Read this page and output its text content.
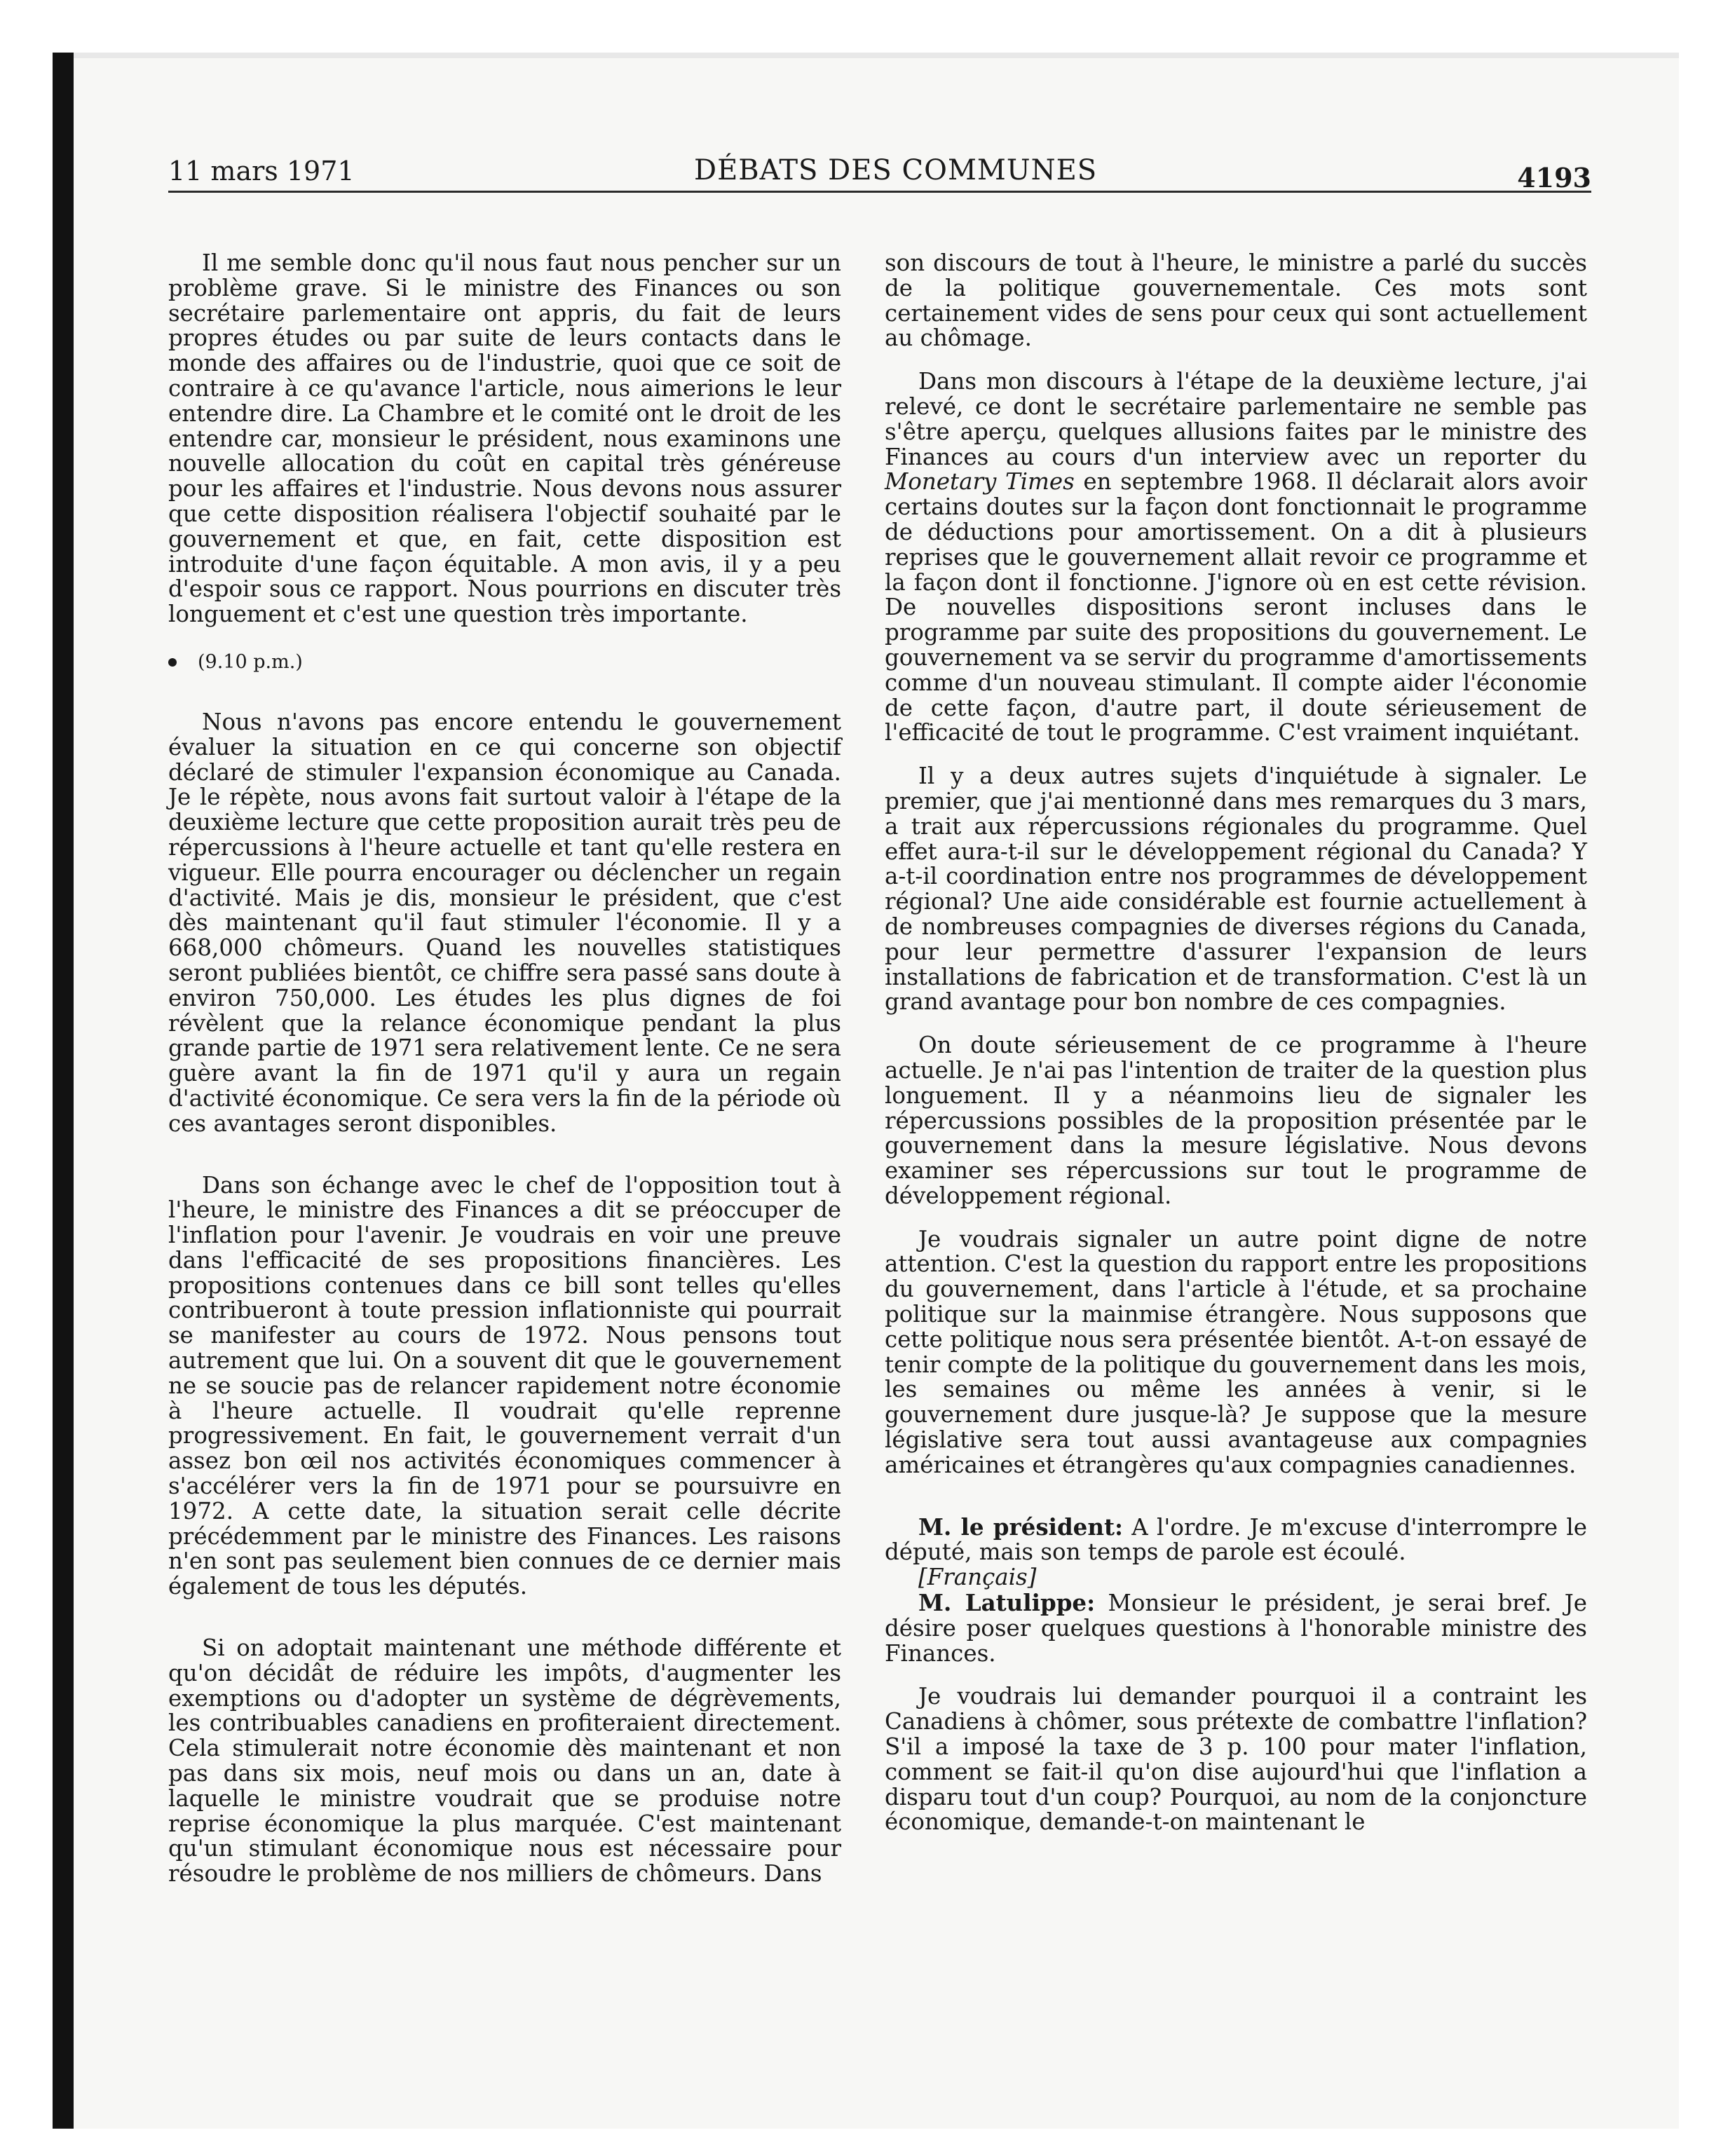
11 mars 1971	DÉBATS DES COMMUNES	4193

Il me semble donc qu'il nous faut nous pencher sur un problème grave. Si le ministre des Finances ou son secrétaire parlementaire ont appris, du fait de leurs propres études ou par suite de leurs contacts dans le monde des affaires ou de l'industrie, quoi que ce soit de contraire à ce qu'avance l'article, nous aimerions le leur entendre dire. La Chambre et le comité ont le droit de les entendre car, monsieur le président, nous examinons une nouvelle allocation du coût en capital très généreuse pour les affaires et l'industrie. Nous devons nous assurer que cette disposition réalisera l'objectif souhaité par le gouvernement et que, en fait, cette disposition est introduite d'une façon équitable. A mon avis, il y a peu d'espoir sous ce rapport. Nous pourrions en discuter très longuement et c'est une question très importante.

(9.10 p.m.)

Nous n'avons pas encore entendu le gouvernement évaluer la situation en ce qui concerne son objectif déclaré de stimuler l'expansion économique au Canada. Je le répète, nous avons fait surtout valoir à l'étape de la deuxième lecture que cette proposition aurait très peu de répercussions à l'heure actuelle et tant qu'elle restera en vigueur. Elle pourra encourager ou déclencher un regain d'activité. Mais je dis, monsieur le président, que c'est dès maintenant qu'il faut stimuler l'économie. Il y a 668,000 chômeurs. Quand les nouvelles statistiques seront publiées bientôt, ce chiffre sera passé sans doute à environ 750,000. Les études les plus dignes de foi révèlent que la relance économique pendant la plus grande partie de 1971 sera relativement lente. Ce ne sera guère avant la fin de 1971 qu'il y aura un regain d'activité économique. Ce sera vers la fin de la période où ces avantages seront disponibles.

Dans son échange avec le chef de l'opposition tout à l'heure, le ministre des Finances a dit se préoccuper de l'inflation pour l'avenir. Je voudrais en voir une preuve dans l'efficacité de ses propositions financières. Les propositions contenues dans ce bill sont telles qu'elles contribueront à toute pression inflationniste qui pourrait se manifester au cours de 1972. Nous pensons tout autrement que lui. On a souvent dit que le gouvernement ne se soucie pas de relancer rapidement notre économie à l'heure actuelle. Il voudrait qu'elle reprenne progressivement. En fait, le gouvernement verrait d'un assez bon œil nos activités économiques commencer à s'accélérer vers la fin de 1971 pour se poursuivre en 1972. A cette date, la situation serait celle décrite précédemment par le ministre des Finances. Les raisons n'en sont pas seulement bien connues de ce dernier mais également de tous les députés.

Si on adoptait maintenant une méthode différente et qu'on décidât de réduire les impôts, d'augmenter les exemptions ou d'adopter un système de dégrèvements, les contribuables canadiens en profiteraient directement. Cela stimulerait notre économie dès maintenant et non pas dans six mois, neuf mois ou dans un an, date à laquelle le ministre voudrait que se produise notre reprise économique la plus marquée. C'est maintenant qu'un stimulant économique nous est nécessaire pour résoudre le problème de nos milliers de chômeurs. Dans

son discours de tout à l'heure, le ministre a parlé du succès de la politique gouvernementale. Ces mots sont certainement vides de sens pour ceux qui sont actuellement au chômage.

Dans mon discours à l'étape de la deuxième lecture, j'ai relevé, ce dont le secrétaire parlementaire ne semble pas s'être aperçu, quelques allusions faites par le ministre des Finances au cours d'un interview avec un reporter du Monetary Times en septembre 1968. Il déclarait alors avoir certains doutes sur la façon dont fonctionnait le programme de déductions pour amortissement. On a dit à plusieurs reprises que le gouvernement allait revoir ce programme et la façon dont il fonctionne. J'ignore où en est cette révision. De nouvelles dispositions seront incluses dans le programme par suite des propositions du gouvernement. Le gouvernement va se servir du programme d'amortissements comme d'un nouveau stimulant. Il compte aider l'économie de cette façon, d'autre part, il doute sérieusement de l'efficacité de tout le programme. C'est vraiment inquiétant.

Il y a deux autres sujets d'inquiétude à signaler. Le premier, que j'ai mentionné dans mes remarques du 3 mars, a trait aux répercussions régionales du programme. Quel effet aura-t-il sur le développement régional du Canada? Y a-t-il coordination entre nos programmes de développement régional? Une aide considérable est fournie actuellement à de nombreuses compagnies de diverses régions du Canada, pour leur permettre d'assurer l'expansion de leurs installations de fabrication et de transformation. C'est là un grand avantage pour bon nombre de ces compagnies.

On doute sérieusement de ce programme à l'heure actuelle. Je n'ai pas l'intention de traiter de la question plus longuement. Il y a néanmoins lieu de signaler les répercussions possibles de la proposition présentée par le gouvernement dans la mesure législative. Nous devons examiner ses répercussions sur tout le programme de développement régional.

Je voudrais signaler un autre point digne de notre attention. C'est la question du rapport entre les propositions du gouvernement, dans l'article à l'étude, et sa prochaine politique sur la mainmise étrangère. Nous supposons que cette politique nous sera présentée bientôt. A-t-on essayé de tenir compte de la politique du gouvernement dans les mois, les semaines ou même les années à venir, si le gouvernement dure jusque-là? Je suppose que la mesure législative sera tout aussi avantageuse aux compagnies américaines et étrangères qu'aux compagnies canadiennes.

M. le président: A l'ordre. Je m'excuse d'interrompre le député, mais son temps de parole est écoulé.

[Français]

M. Latulippe: Monsieur le président, je serai bref. Je désire poser quelques questions à l'honorable ministre des Finances.

Je voudrais lui demander pourquoi il a contraint les Canadiens à chômer, sous prétexte de combattre l'inflation? S'il a imposé la taxe de 3 p. 100 pour mater l'inflation, comment se fait-il qu'on dise aujourd'hui que l'inflation a disparu tout d'un coup? Pourquoi, au nom de la conjoncture économique, demande-t-on maintenant le
